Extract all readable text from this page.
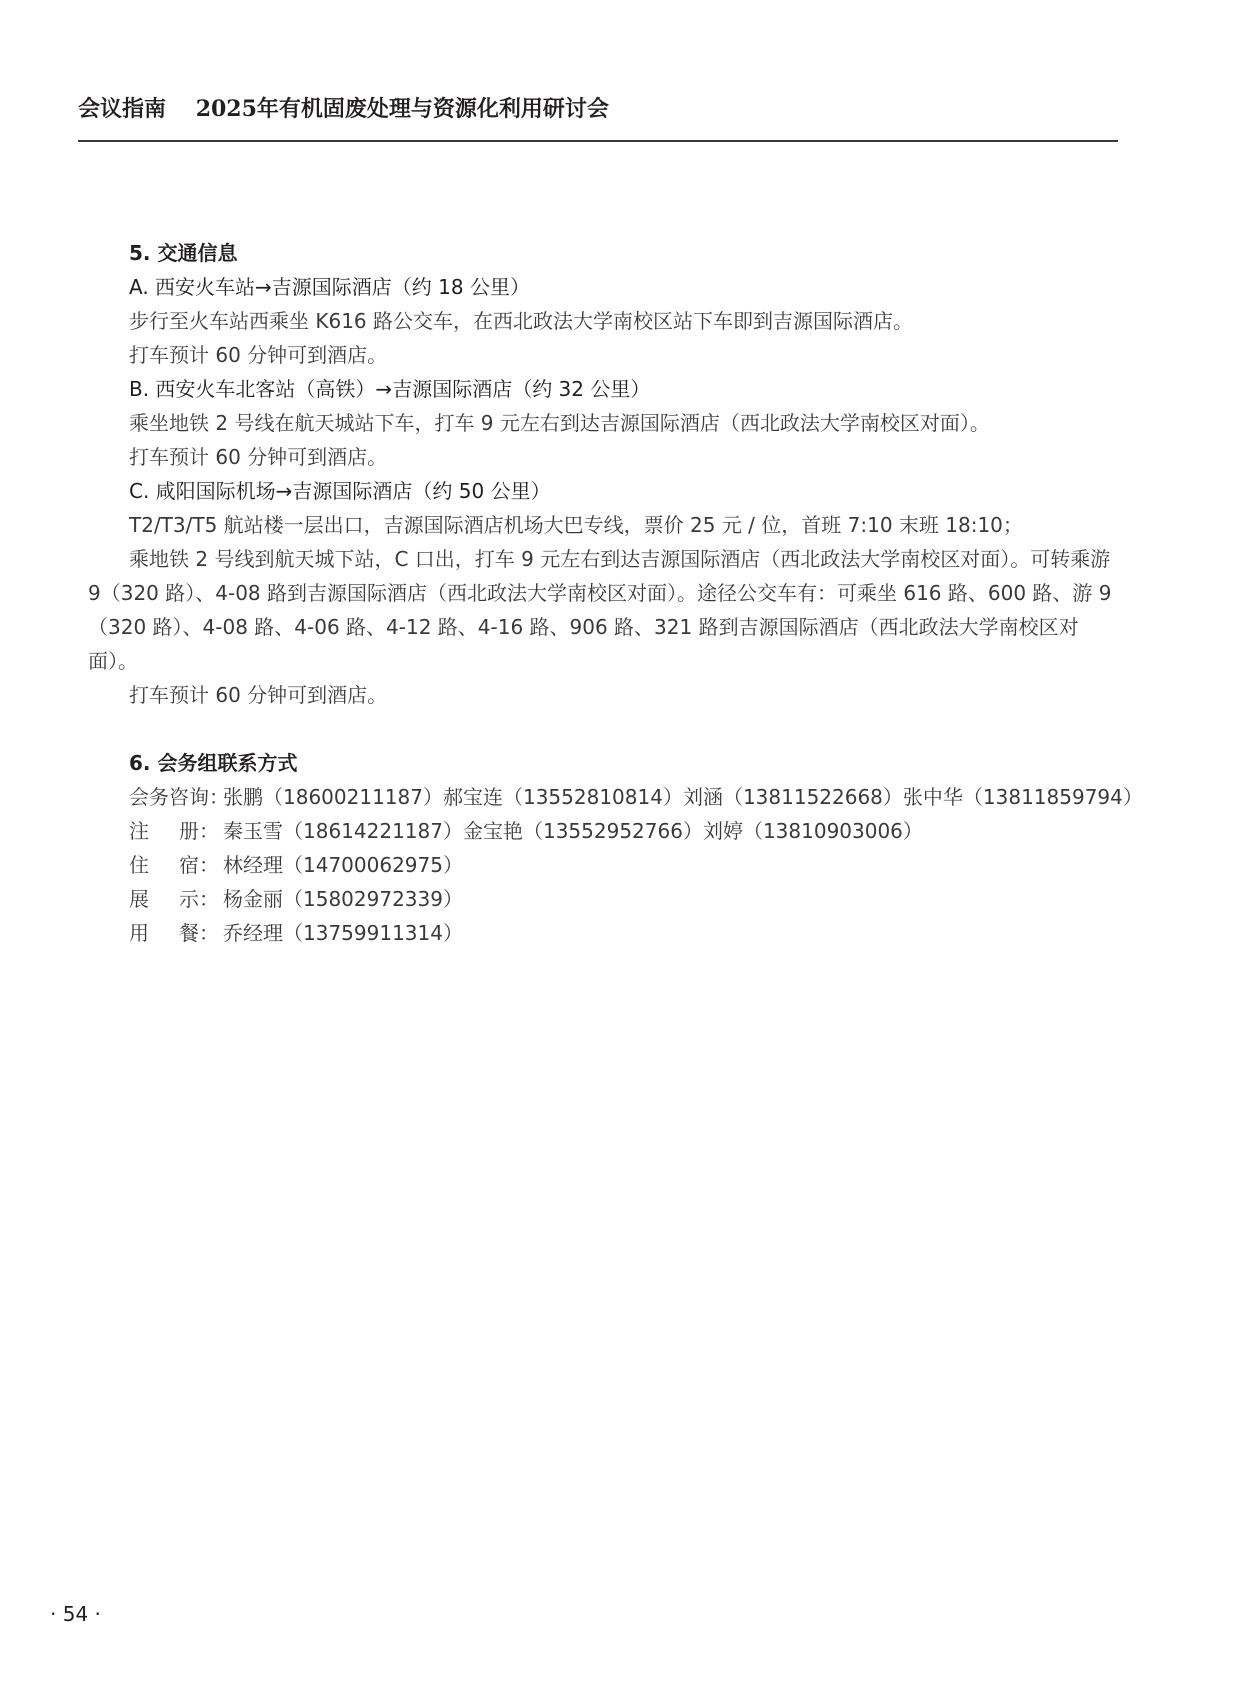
会议指南 2025年有机固废处理与资源化利用研讨会
5. 交通信息
A. 西安火车站→吉源国际酒店（约 18 公里）
步行至火车站西乘坐 K616 路公交车，在西北政法大学南校区站下车即到吉源国际酒店。
打车预计 60 分钟可到酒店。
B. 西安火车北客站（高铁）→吉源国际酒店（约 32 公里）
乘坐地铁 2 号线在航天城站下车，打车 9 元左右到达吉源国际酒店（西北政法大学南校区对面）。
打车预计 60 分钟可到酒店。
C. 咸阳国际机场→吉源国际酒店（约 50 公里）
T2/T3/T5 航站楼一层出口，吉源国际酒店机场大巴专线，票价 25 元 / 位，首班 7:10 末班 18:10；
乘地铁 2 号线到航天城下站，C 口出，打车 9 元左右到达吉源国际酒店（西北政法大学南校区对面）。可转乘游 9（320 路）、4-08 路到吉源国际酒店（西北政法大学南校区对面）。途径公交车有：可乘坐 616 路、600 路、游 9（320 路）、4-08 路、4-06 路、4-12 路、4-16 路、906 路、321 路到吉源国际酒店（西北政法大学南校区对面）。
打车预计 60 分钟可到酒店。
6. 会务组联系方式
会 务 咨 询：
张鹏（18600211187）郝宝连（13552810814）刘涵（13811522668）张中华（13811859794）
注 册： 秦玉雪（18614221187）金宝艳（13552952766）刘婷（13810903006）
住 宿： 林经理（14700062975）
展 示： 杨金丽（15802972339）
用 餐： 乔经理（13759911314）
· 54 ·
